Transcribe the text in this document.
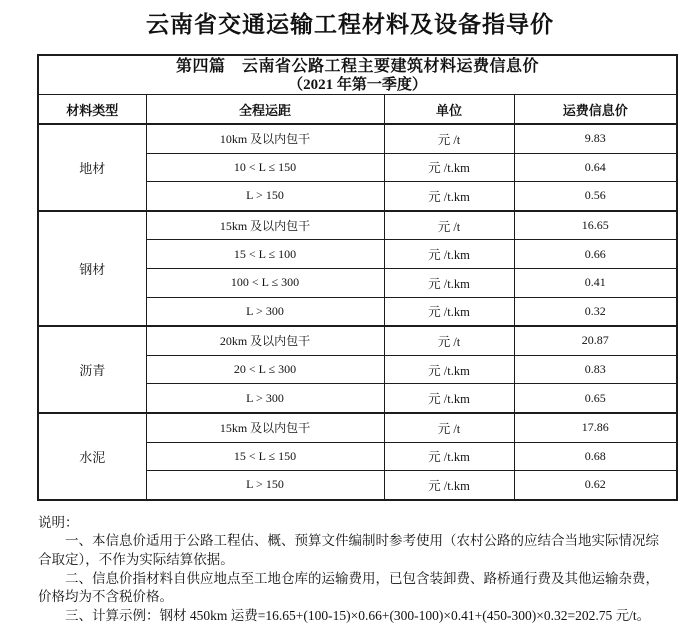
云南省交通运输工程材料及设备指导价
第四篇　云南省公路工程主要建筑材料运费信息价
（2021 年第一季度）			

材料类型	全程运距	单位	运费信息价
地材	10km 及以内包干	元 /t	9.83
	10 < L ≤ 150	元 /t.km	0.64
	L > 150	元 /t.km	0.56
钢材	15km 及以内包干	元 /t	16.65
	15 < L ≤ 100	元 /t.km	0.66
	100 < L ≤ 300	元 /t.km	0.41
	L > 300	元 /t.km	0.32
沥青	20km 及以内包干	元 /t	20.87
	20 < L ≤ 300	元 /t.km	0.83
	L > 300	元 /t.km	0.65
水泥	15km 及以内包干	元 /t	17.86
	15 < L ≤ 150	元 /t.km	0.68
	L > 150	元 /t.km	0.62
说明：
一、本信息价适用于公路工程估、概、预算文件编制时参考使用（农村公路的应结合当地实际情况综
合取定），不作为实际结算依据。
二、信息价指材料自供应地点至工地仓库的运输费用，已包含装卸费、路桥通行费及其他运输杂费，
价格均为不含税价格。
三、计算示例：钢材 450km 运费=16.65+(100-15)×0.66+(300-100)×0.41+(450-300)×0.32=202.75 元/t。
